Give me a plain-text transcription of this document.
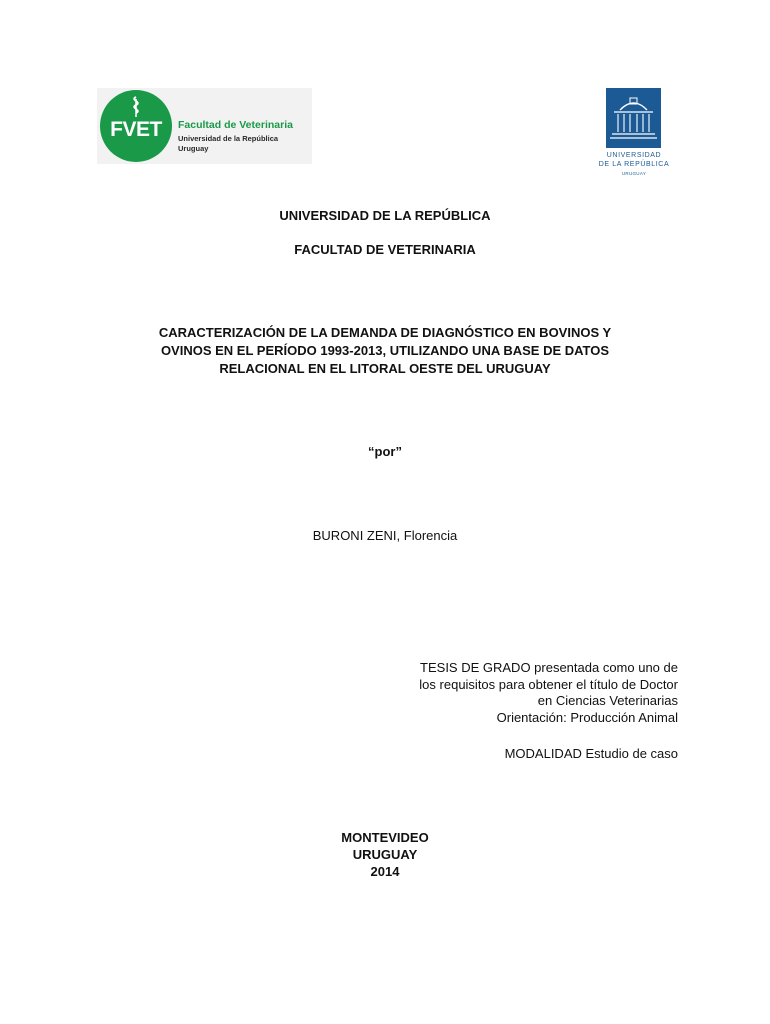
FVET	Facultad de Veterinaria
Universidad de la República
Uruguay
UNIVERSIDAD
DE LA REPÚBLICA
URUGUAY
UNIVERSIDAD DE LA REPÚBLICA
FACULTAD DE VETERINARIA
CARACTERIZACIÓN DE LA DEMANDA DE DIAGNÓSTICO EN BOVINOS Y
OVINOS EN EL PERÍODO 1993-2013, UTILIZANDO UNA BASE DE DATOS
RELACIONAL EN EL LITORAL OESTE DEL URUGUAY
“por”
BURONI ZENI, Florencia
TESIS DE GRADO presentada como uno de
los requisitos para obtener el título de Doctor
en Ciencias Veterinarias
Orientación: Producción Animal
MODALIDAD Estudio de caso
MONTEVIDEO
URUGUAY
2014
